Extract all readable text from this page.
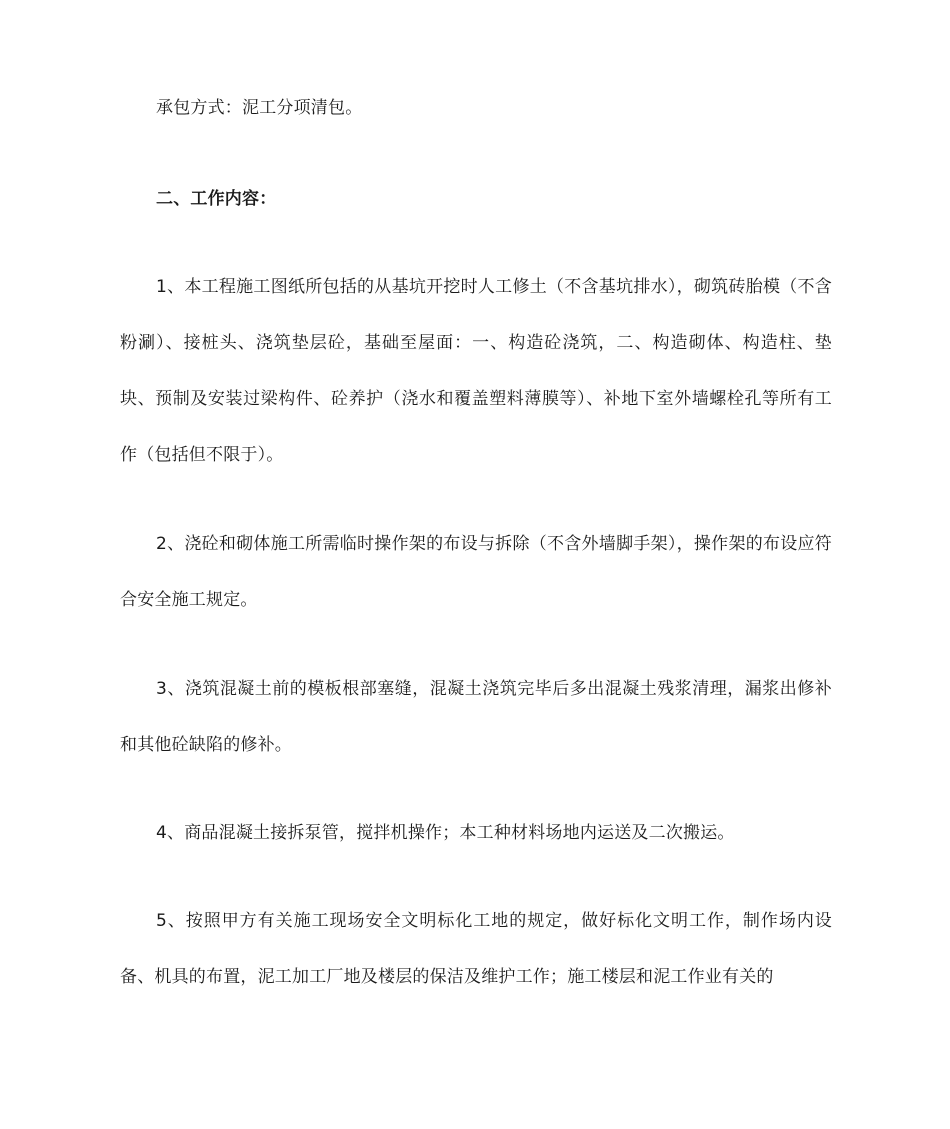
承包方式：泥工分项清包。

二、工作内容：

1、本工程施工图纸所包括的从基坑开挖时人工修土（不含基坑排水），砌筑砖胎模（不含粉涮）、接桩头、浇筑垫层砼，基础至屋面：一、构造砼浇筑，二、构造砌体、构造柱、垫块、预制及安装过梁构件、砼养护（浇水和覆盖塑料薄膜等）、补地下室外墙螺栓孔等所有工作（包括但不限于）。

2、浇砼和砌体施工所需临时操作架的布设与拆除（不含外墙脚手架），操作架的布设应符合安全施工规定。

3、浇筑混凝土前的模板根部塞缝，混凝土浇筑完毕后多出混凝土残浆清理，漏浆出修补和其他砼缺陷的修补。

4、商品混凝土接拆泵管，搅拌机操作；本工种材料场地内运送及二次搬运。

5、按照甲方有关施工现场安全文明标化工地的规定，做好标化文明工作，制作场内设备、机具的布置，泥工加工厂地及楼层的保洁及维护工作；施工楼层和泥工作业有关的
